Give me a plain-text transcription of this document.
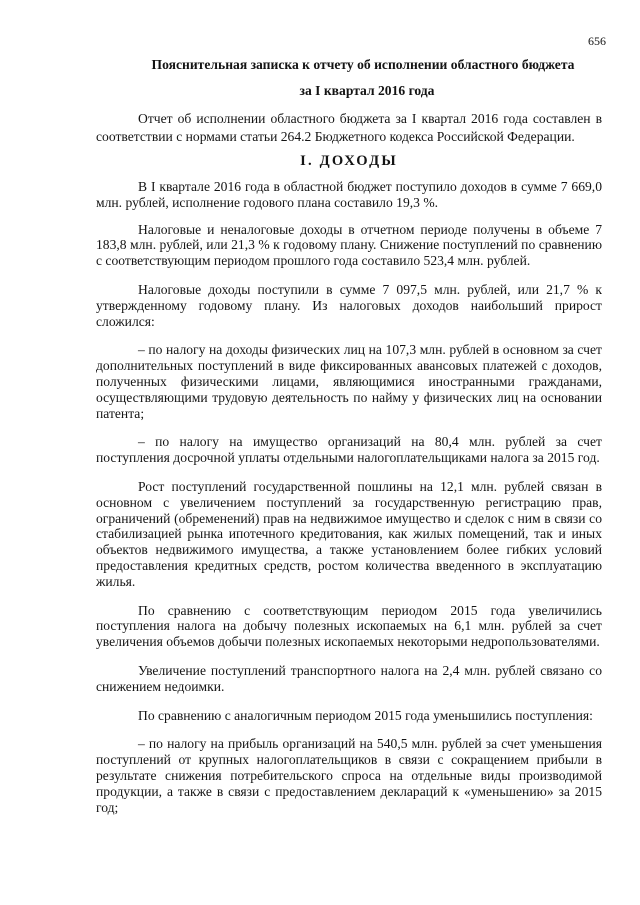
656
Пояснительная записка к отчету об исполнении областного бюджета
за I квартал 2016 года

Отчет об исполнении областного бюджета за I квартал 2016 года составлен в соответствии с нормами статьи 264.2 Бюджетного кодекса Российской Федерации.

I. ДОХОДЫ

В I квартале 2016 года в областной бюджет поступило доходов в сумме 7 669,0 млн. рублей, исполнение годового плана составило 19,3 %.

Налоговые и неналоговые доходы в отчетном периоде получены в объеме 7 183,8 млн. рублей, или 21,3 % к годовому плану. Снижение поступлений по сравнению с соответствующим периодом прошлого года составило 523,4 млн. рублей.

Налоговые доходы поступили в сумме 7 097,5 млн. рублей, или 21,7 % к утвержденному годовому плану. Из налоговых доходов наибольший прирост сложился:

– по налогу на доходы физических лиц на 107,3 млн. рублей в основном за счет дополнительных поступлений в виде фиксированных авансовых платежей с доходов, полученных физическими лицами, являющимися иностранными гражданами, осуществляющими трудовую деятельность по найму у физических лиц на основании патента;

– по налогу на имущество организаций на 80,4 млн. рублей за счет поступления досрочной уплаты отдельными налогоплательщиками налога за 2015 год.

Рост поступлений государственной пошлины на 12,1 млн. рублей связан в основном с увеличением поступлений за государственную регистрацию прав, ограничений (обременений) прав на недвижимое имущество и сделок с ним в связи со стабилизацией рынка ипотечного кредитования, как жилых помещений, так и иных объектов недвижимого имущества, а также установлением более гибких условий предоставления кредитных средств, ростом количества введенного в эксплуатацию жилья.

По сравнению с соответствующим периодом 2015 года увеличились поступления налога на добычу полезных ископаемых на 6,1 млн. рублей за счет увеличения объемов добычи полезных ископаемых некоторыми недропользователями.

Увеличение поступлений транспортного налога на 2,4 млн. рублей связано со снижением недоимки.

По сравнению с аналогичным периодом 2015 года уменьшились поступления:

– по налогу на прибыль организаций на 540,5 млн. рублей за счет уменьшения поступлений от крупных налогоплательщиков в связи с сокращением прибыли в результате снижения потребительского спроса на отдельные виды производимой продукции, а также в связи с предоставлением деклараций к «уменьшению» за 2015 год;
